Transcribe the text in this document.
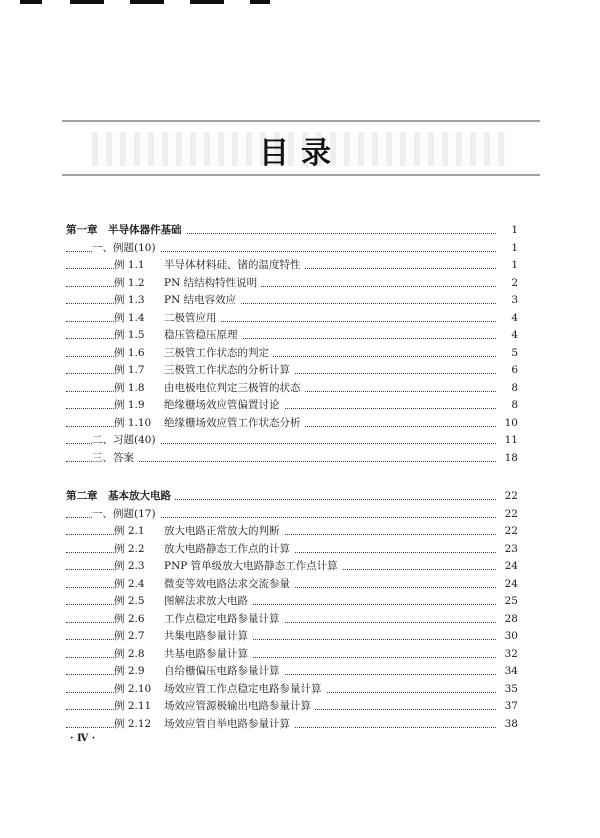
目录
第一章　半导体器件基础	1
一、例题(10)	1
例 1.1 半导体材料硅、锗的温度特性	1
例 1.2 PN 结结构特性说明	2
例 1.3 PN 结电容效应	3
例 1.4 二极管应用	4
例 1.5 稳压管稳压原理	4
例 1.6 三极管工作状态的判定	5
例 1.7 三极管工作状态的分析计算	6
例 1.8 由电极电位判定三极管的状态	8
例 1.9 绝缘栅场效应管偏置讨论	8
例 1.10 绝缘栅场效应管工作状态分析	10
二、习题(40)	11
三、答案	18
第二章　基本放大电路	22
一、例题(17)	22
例 2.1 放大电路正常放大的判断	22
例 2.2 放大电路静态工作点的计算	23
例 2.3 PNP 管单级放大电路静态工作点计算	24
例 2.4 微变等效电路法求交流参量	24
例 2.5 图解法求放大电路	25
例 2.6 工作点稳定电路参量计算	28
例 2.7 共集电路参量计算	30
例 2.8 共基电路参量计算	32
例 2.9 自给栅偏压电路参量计算	34
例 2.10 场效应管工作点稳定电路参量计算	35
例 2.11 场效应管源极输出电路参量计算	37
例 2.12 场效应管自举电路参量计算	38
· Ⅳ ·
